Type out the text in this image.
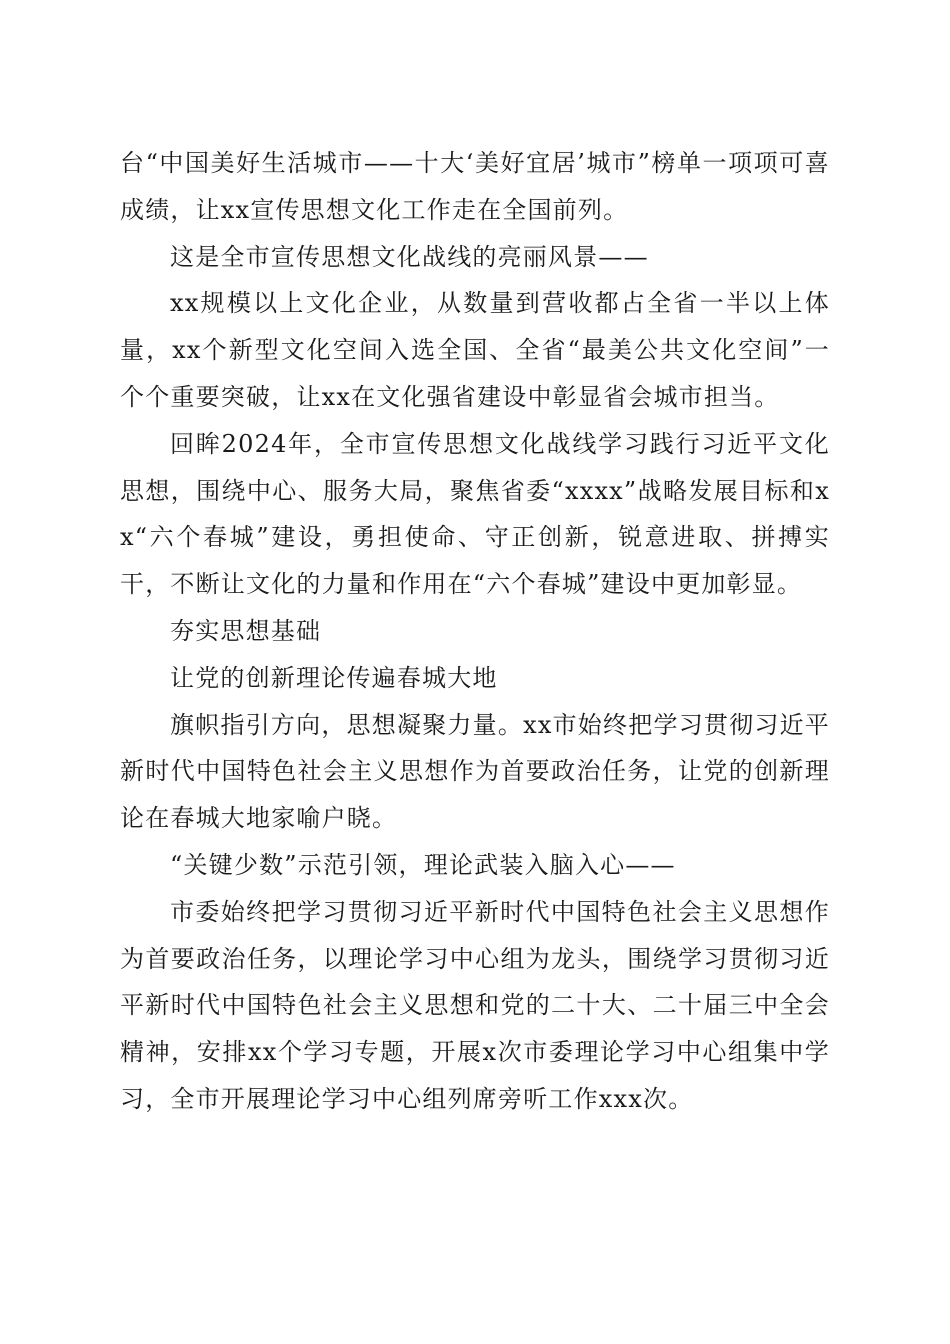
台“中国美好生活城市——十大‘美好宜居’城市”榜单一项项可喜成绩，让xx宣传思想文化工作走在全国前列。

这是全市宣传思想文化战线的亮丽风景——

xx规模以上文化企业，从数量到营收都占全省一半以上体量，xx个新型文化空间入选全国、全省“最美公共文化空间”一个个重要突破，让xx在文化强省建设中彰显省会城市担当。

回眸2024年，全市宣传思想文化战线学习践行习近平文化思想，围绕中心、服务大局，聚焦省委“xxxx”战略发展目标和xx“六个春城”建设，勇担使命、守正创新，锐意进取、拼搏实干，不断让文化的力量和作用在“六个春城”建设中更加彰显。

夯实思想基础

让党的创新理论传遍春城大地

旗帜指引方向，思想凝聚力量。xx市始终把学习贯彻习近平新时代中国特色社会主义思想作为首要政治任务，让党的创新理论在春城大地家喻户晓。

“关键少数”示范引领，理论武装入脑入心——

市委始终把学习贯彻习近平新时代中国特色社会主义思想作为首要政治任务，以理论学习中心组为龙头，围绕学习贯彻习近平新时代中国特色社会主义思想和党的二十大、二十届三中全会精神，安排xx个学习专题，开展x次市委理论学习中心组集中学习，全市开展理论学习中心组列席旁听工作xxx次。
